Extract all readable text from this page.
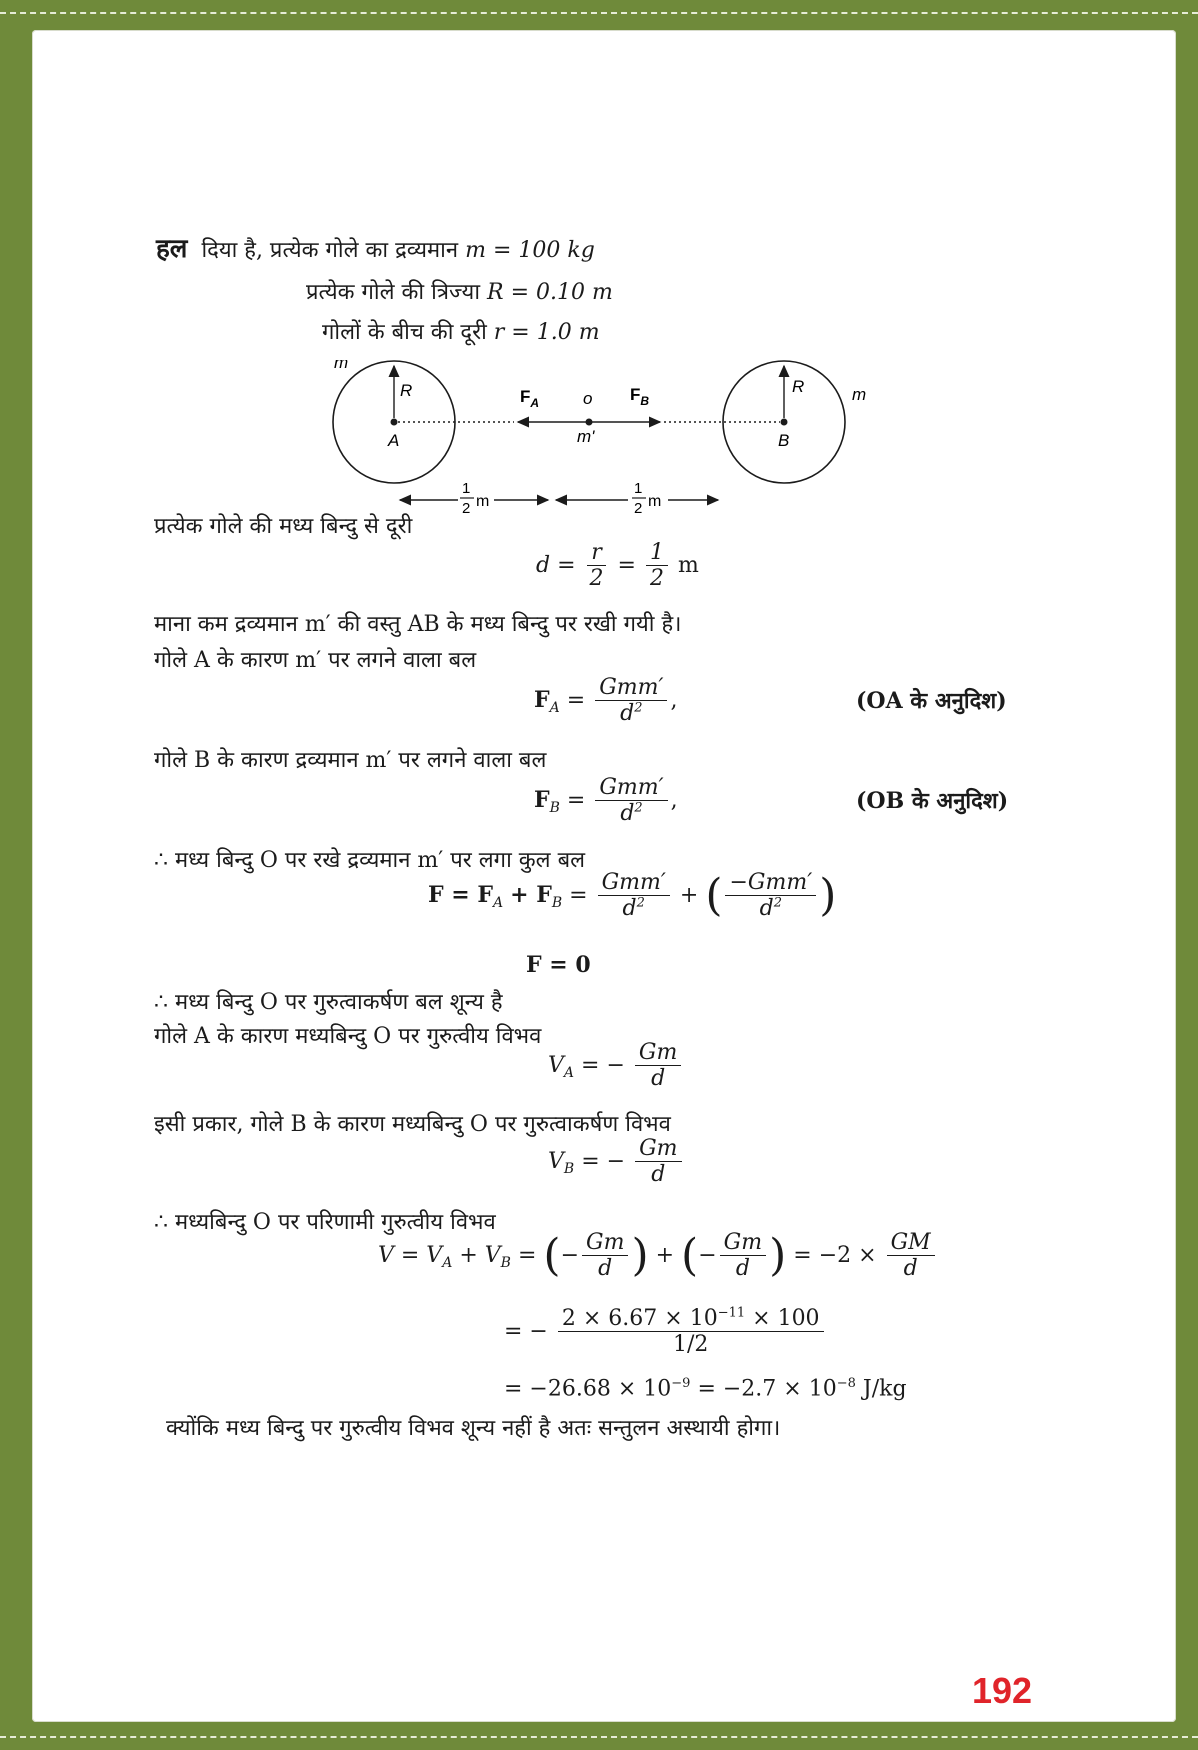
हल दिया है, प्रत्येक गोले का द्रव्यमान m = 100 kg
प्रत्येक गोले की त्रिज्या R = 0.10 m
गोलों के बीच की दूरी r = 1.0 m
m
R
A
$F_A$	o $F_B$
m'
R	m
B
1
2 m
1
2 m
प्रत्येक गोले की मध्य बिन्दु से दूरी
$d = \frac{r}{2} = \frac{1}{2}$ m
माना कम द्रव्यमान m′ की वस्तु AB के मध्य बिन्दु पर रखी गयी है।
गोले A के कारण m′ पर लगने वाला बल
$F_A = \frac{\text{Gmm′}}{d^2}$ ,	(OA के अनुदिश)
गोले B के कारण द्रव्यमान m′ पर लगने वाला बल
$F_B = \frac{\text{Gmm′}}{d^2}$ ,	(OB के अनुदिश)
∴ मध्य बिन्दु O पर रखे द्रव्यमान m′ पर लगा कुल बल
$F = F_A + F_B = \frac{\text{Gmm′}}{d^2}$ + ( $\frac{\text{−Gmm′}}{d^2}$ )
F = 0
∴ मध्य बिन्दु O पर गुरुत्वाकर्षण बल शून्य है
गोले A के कारण मध्यबिन्दु O पर गुरुत्वीय विभव
$V_A$ = − $\frac{Gm}{d}$
इसी प्रकार, गोले B के कारण मध्यबिन्दु O पर गुरुत्वाकर्षण विभव
$V_B$ = − $\frac{Gm}{d}$
∴ मध्यबिन्दु O पर परिणामी गुरुत्वीय विभव
$V = V_A + V_B$ = (− $\frac{Gm}{d}$ ) + (− $\frac{Gm}{d}$ ) = $-2 \times \frac{GM}{d}$
= − $\frac{2 \times 6.67 \times 10^{-11} \times 100}{1/2}$
= $-26.68 \times 10^{-9} = -2.7 \times 10^{-8}$ J/kg
क्योंकि मध्य बिन्दु पर गुरुत्वीय विभव शून्य नहीं है अतः सन्तुलन अस्थायी होगा।
192
